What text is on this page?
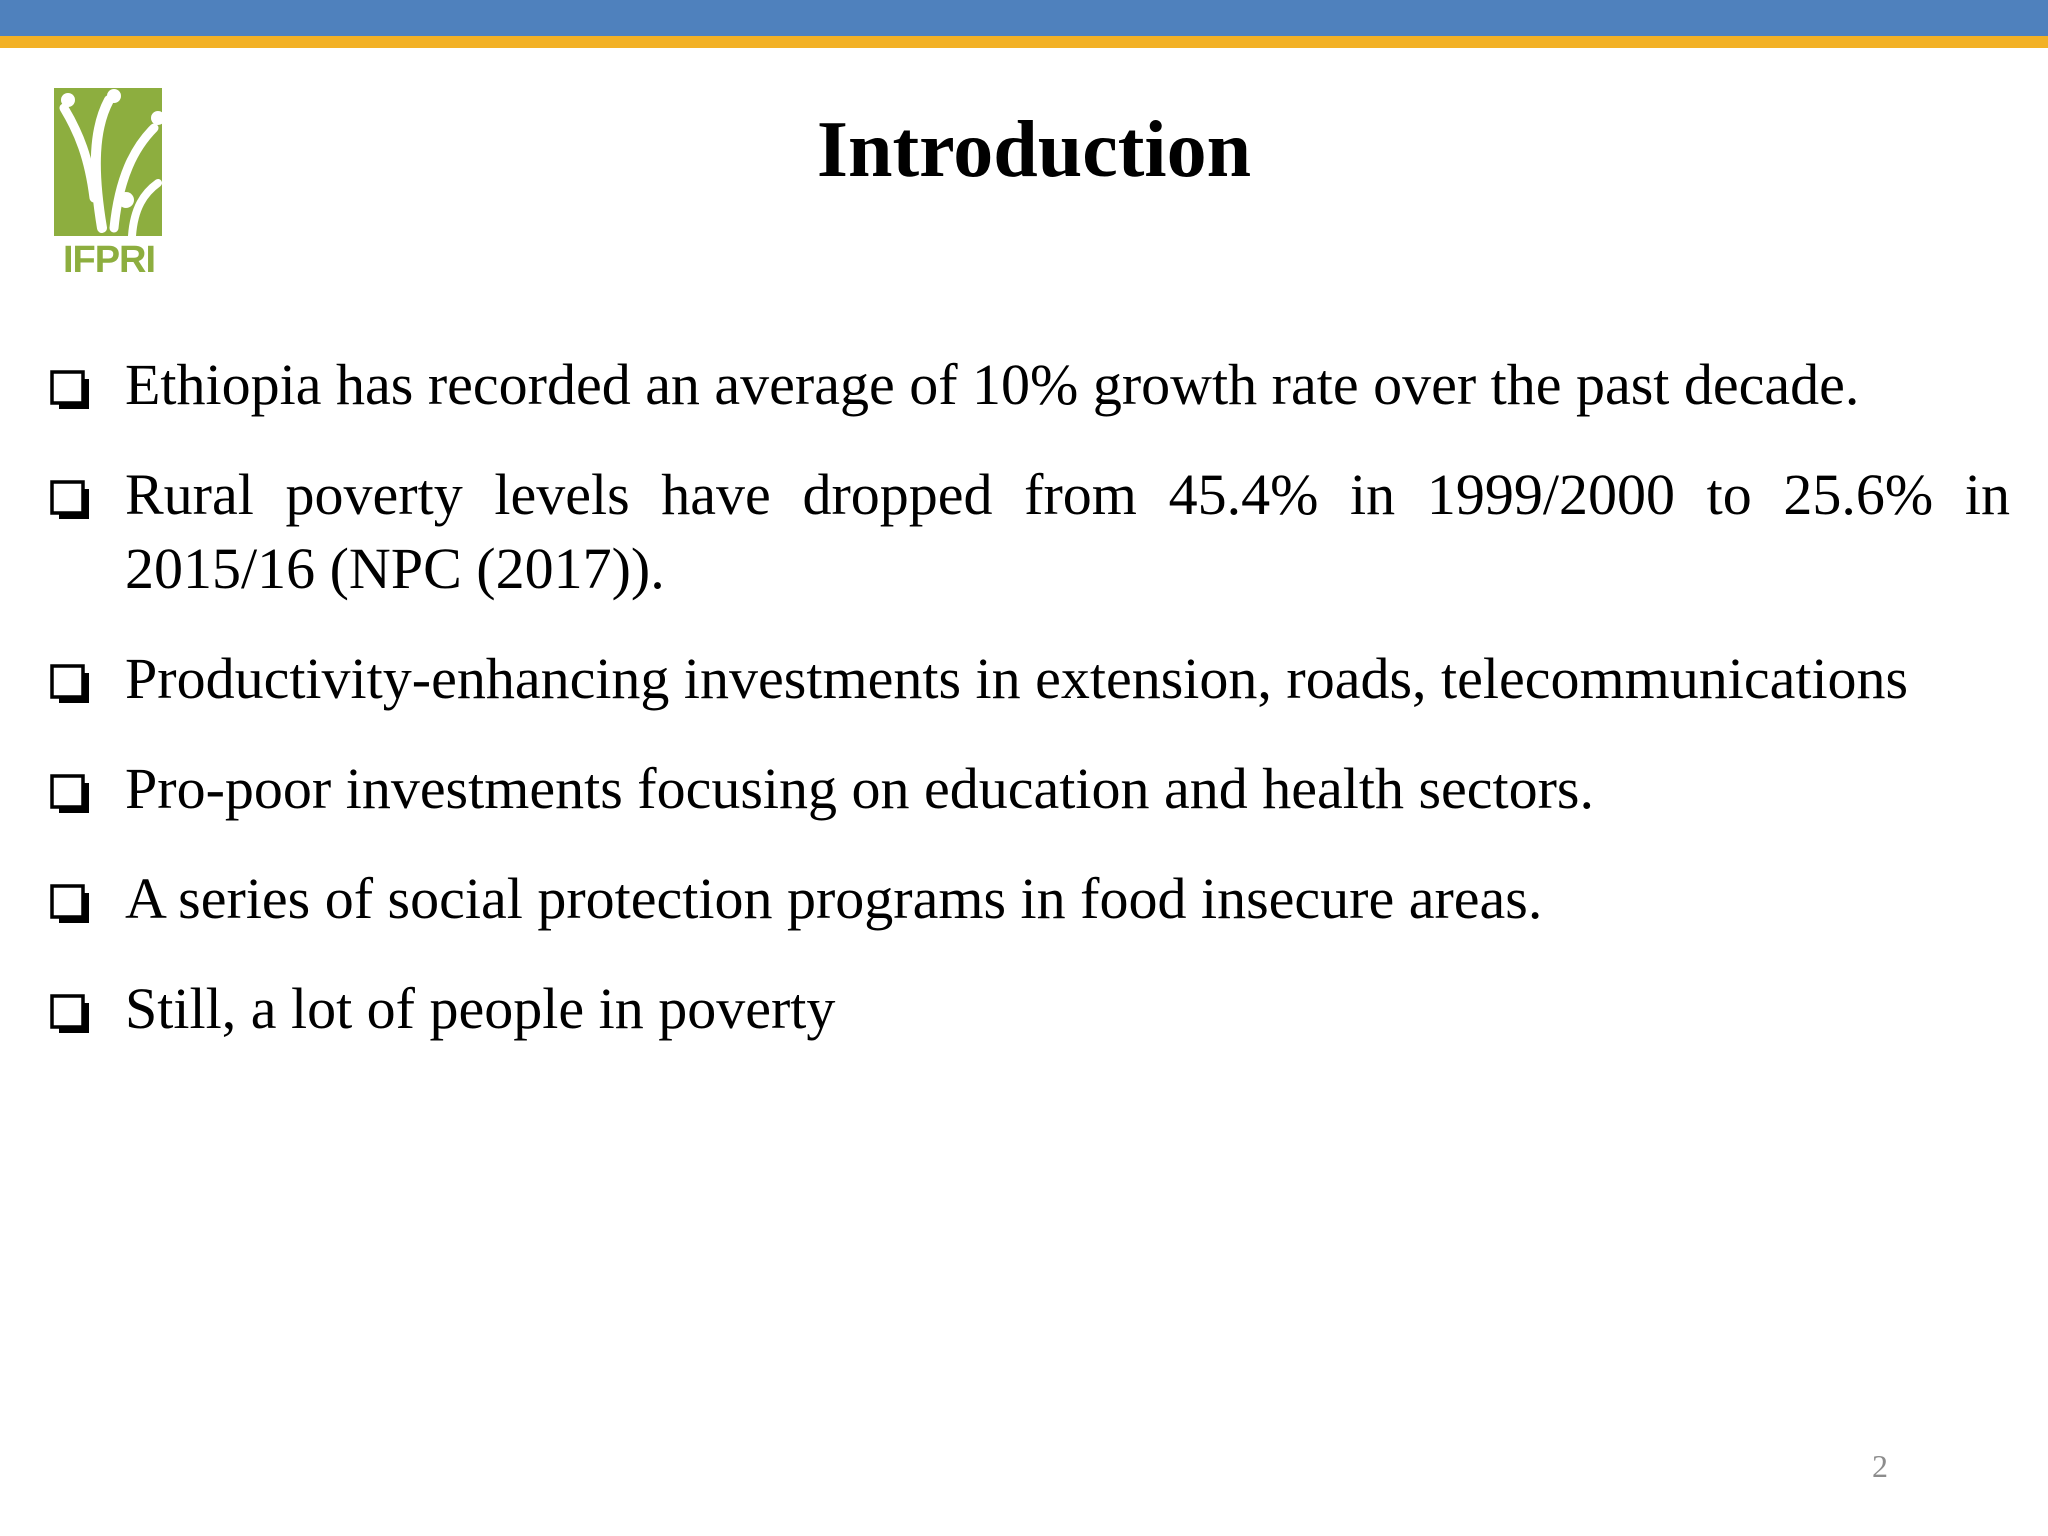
IFPRI
Introduction
Ethiopia has recorded an average of 10% growth rate over the past decade.
Rural poverty levels have dropped from 45.4% in 1999/2000 to 25.6% in 2015/16 (NPC (2017)).
Productivity-enhancing investments in extension, roads, telecommunications
Pro-poor investments focusing on education and health sectors.
A series of social protection programs in food insecure areas.
Still, a lot of people in poverty
2
